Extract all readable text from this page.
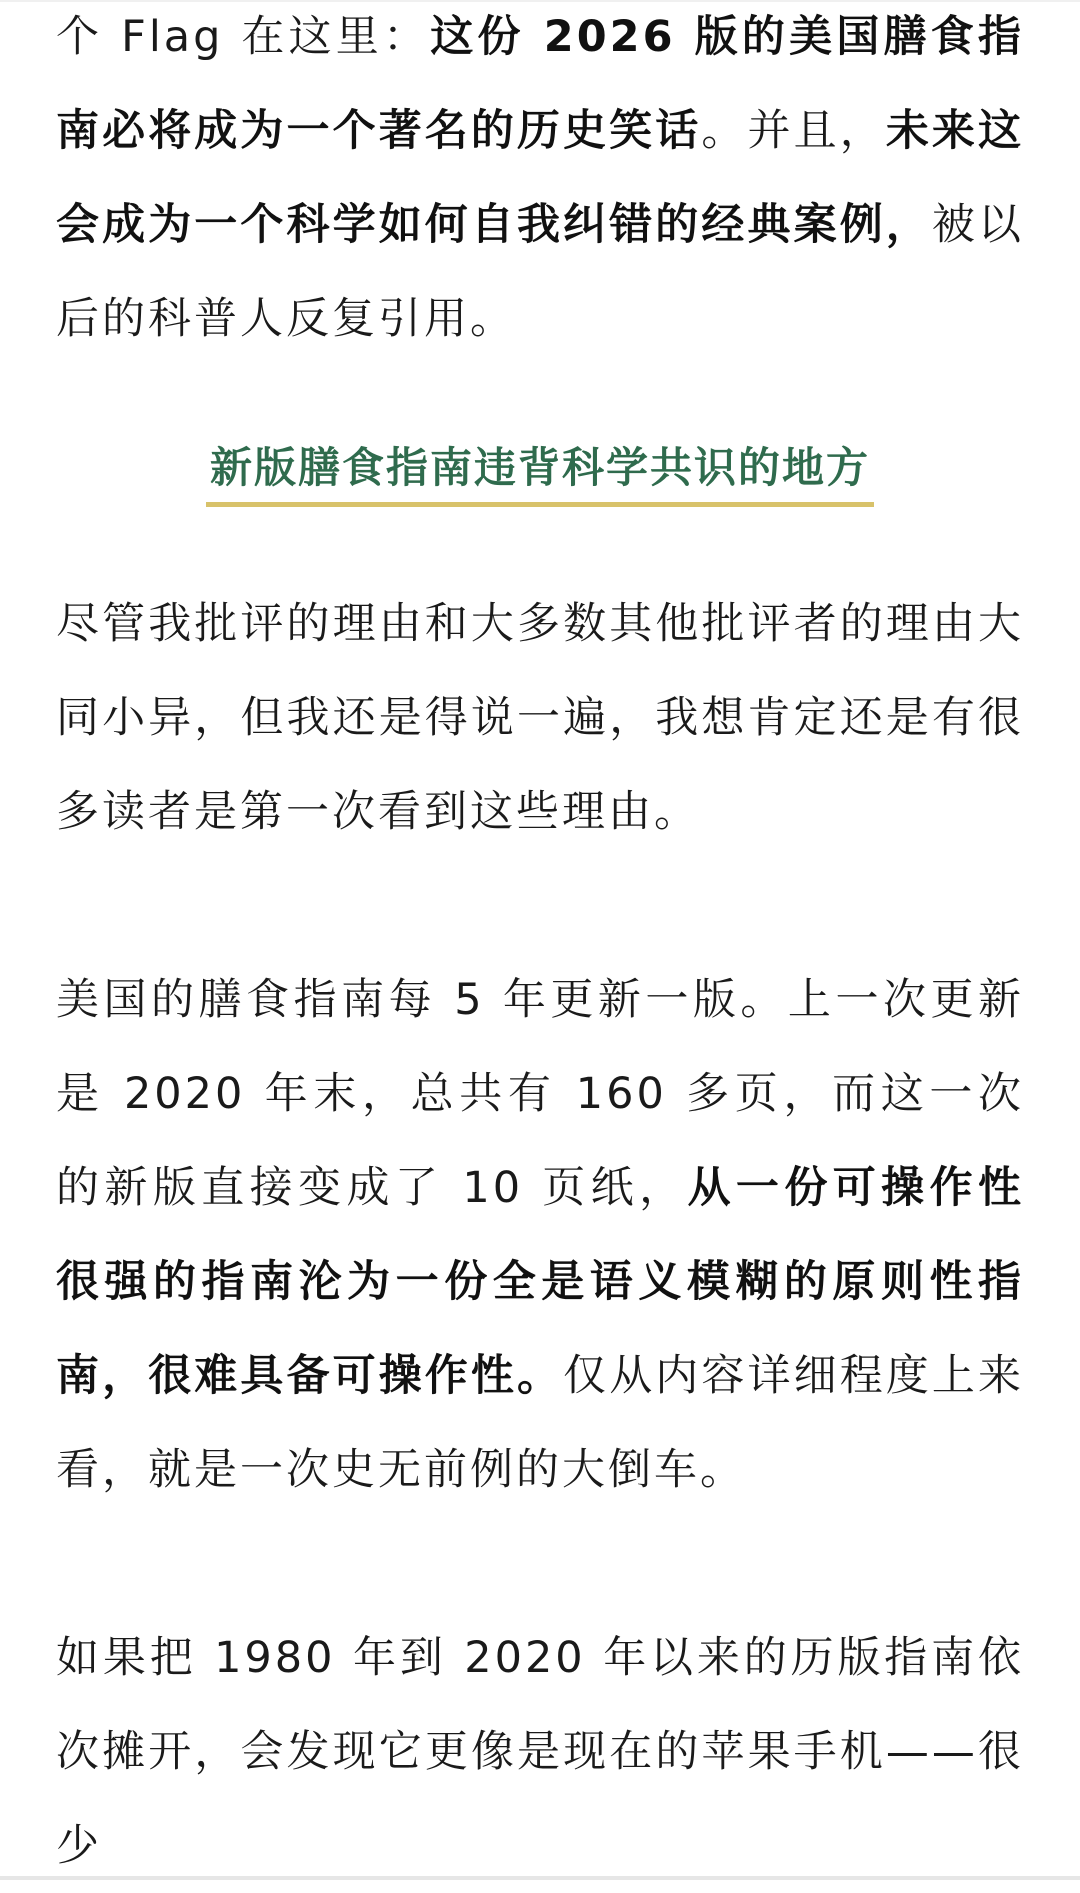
个 Flag 在这里：这份 2026 版的美国膳食指南必将成为一个著名的历史笑话。并且，未来这会成为一个科学如何自我纠错的经典案例，被以后的科普人反复引用。

新版膳食指南违背科学共识的地方

尽管我批评的理由和大多数其他批评者的理由大同小异，但我还是得说一遍，我想肯定还是有很多读者是第一次看到这些理由。

美国的膳食指南每 5 年更新一版。上一次更新是 2020 年末，总共有 160 多页，而这一次的新版直接变成了 10 页纸，从一份可操作性很强的指南沦为一份全是语义模糊的原则性指南，很难具备可操作性。仅从内容详细程度上来看，就是一次史无前例的大倒车。

如果把 1980 年到 2020 年以来的历版指南依次摊开，会发现它更像是现在的苹果手机——很少
